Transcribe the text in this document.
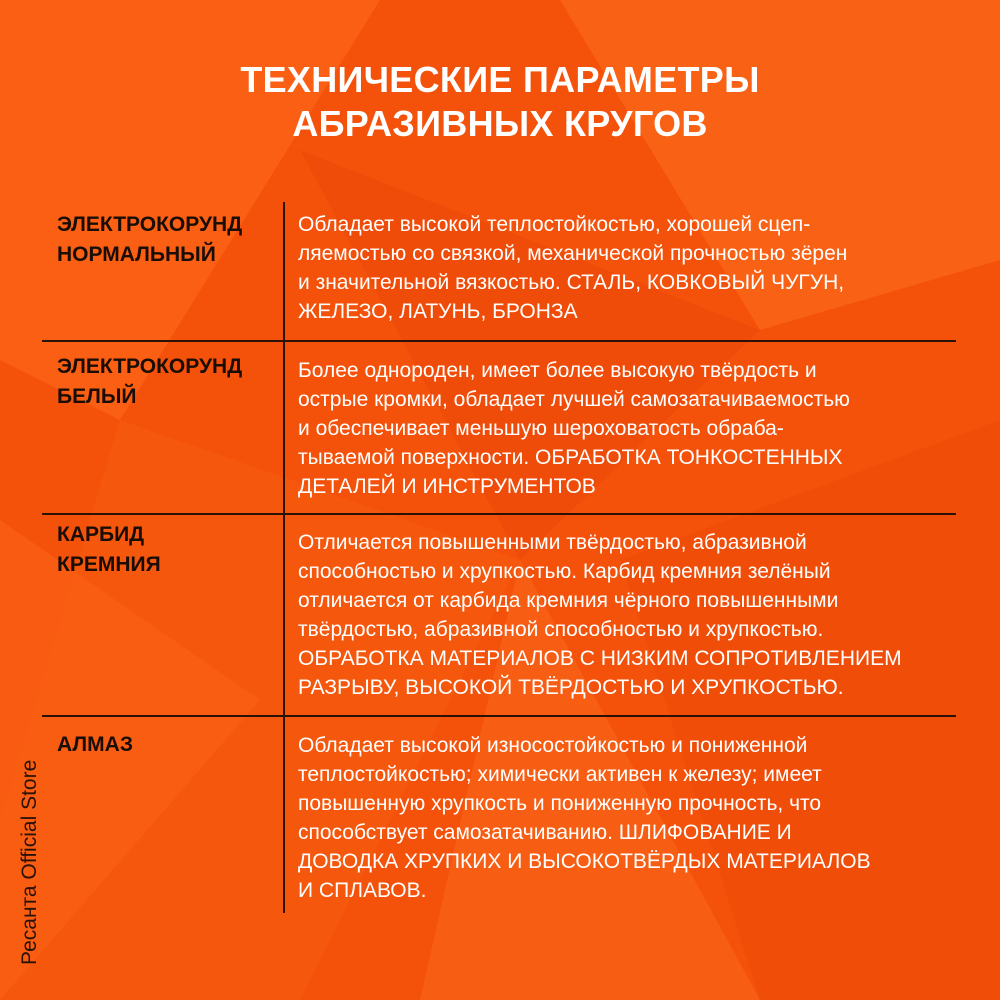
ТЕХНИЧЕСКИЕ ПАРАМЕТРЫ
АБРАЗИВНЫХ КРУГОВ
ЭЛЕКТРОКОРУНД
НОРМАЛЬНЫЙ
Обладает высокой теплостойкостью, хорошей сцеп-
ляемостью со связкой, механической прочностью зёрен
и значительной вязкостью. СТАЛЬ, КОВКОВЫЙ ЧУГУН,
ЖЕЛЕЗО, ЛАТУНЬ, БРОНЗА
ЭЛЕКТРОКОРУНД
БЕЛЫЙ
Более однороден, имеет более высокую твёрдость и
острые кромки, обладает лучшей самозатачиваемостью
и обеспечивает меньшую шероховатость обраба-
тываемой поверхности. ОБРАБОТКА ТОНКОСТЕННЫХ
ДЕТАЛЕЙ И ИНСТРУМЕНТОВ
КАРБИД
КРЕМНИЯ
Отличается повышенными твёрдостью, абразивной
способностью и хрупкостью. Карбид кремния зелёный
отличается от карбида кремния чёрного повышенными
твёрдостью, абразивной способностью и хрупкостью.
ОБРАБОТКА МАТЕРИАЛОВ С НИЗКИМ СОПРОТИВЛЕНИЕМ
РАЗРЫВУ, ВЫСОКОЙ ТВЁРДОСТЬЮ И ХРУПКОСТЬЮ.
АЛМАЗ	Обладает высокой износостойкостью и пониженной
теплостойкостью; химически активен к железу; имеет
повышенную хрупкость и пониженную прочность, что
способствует самозатачиванию. ШЛИФОВАНИЕ И
ДОВОДКА ХРУПКИХ И ВЫСОКОТВЁРДЫХ МАТЕРИАЛОВ
И СПЛАВОВ.
Ресанта Official Store
